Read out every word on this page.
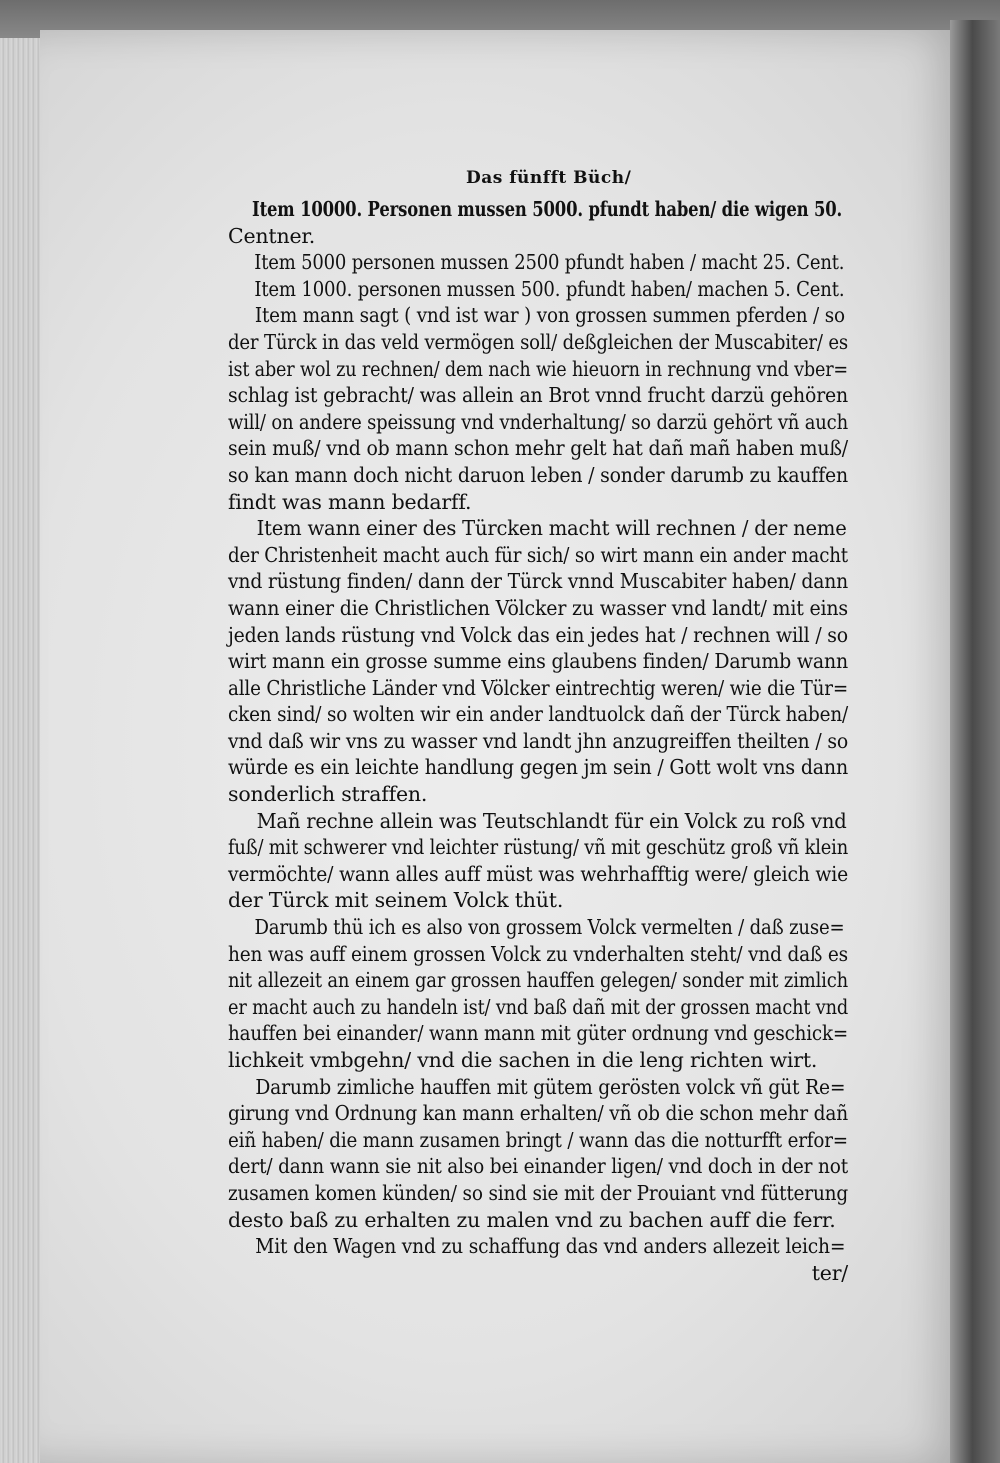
Das fünfft Büch/
Item 10000. Personen mussen 5000. pfundt haben/ die wigen 50.
Centner.
Item 5000 personen mussen 2500 pfundt haben / macht 25. Cent.
Item 1000. personen mussen 500. pfundt haben/ machen 5. Cent.
Item mann sagt ( vnd ist war ) von grossen summen pferden / so
der Türck in das veld vermögen soll/ deßgleichen der Muscabiter/ es
ist aber wol zu rechnen/ dem nach wie hieuorn in rechnung vnd vber=
schlag ist gebracht/ was allein an Brot vnnd frucht darzü gehören
will/ on andere speissung vnd vnderhaltung/ so darzü gehört vñ auch
sein muß/ vnd ob mann schon mehr gelt hat dañ mañ haben muß/
so kan mann doch nicht daruon leben / sonder darumb zu kauffen
findt was mann bedarff.
Item wann einer des Türcken macht will rechnen / der neme
der Christenheit macht auch für sich/ so wirt mann ein ander macht
vnd rüstung finden/ dann der Türck vnnd Muscabiter haben/ dann
wann einer die Christlichen Völcker zu wasser vnd landt/ mit eins
jeden lands rüstung vnd Volck das ein jedes hat / rechnen will / so
wirt mann ein grosse summe eins glaubens finden/ Darumb wann
alle Christliche Länder vnd Völcker eintrechtig weren/ wie die Tür=
cken sind/ so wolten wir ein ander landtuolck dañ der Türck haben/
vnd daß wir vns zu wasser vnd landt jhn anzugreiffen theilten / so
würde es ein leichte handlung gegen jm sein / Gott wolt vns dann
sonderlich straffen.
Mañ rechne allein was Teutschlandt für ein Volck zu roß vnd
fuß/ mit schwerer vnd leichter rüstung/ vñ mit geschütz groß vñ klein
vermöchte/ wann alles auff müst was wehrhafftig were/ gleich wie
der Türck mit seinem Volck thüt.
Darumb thü ich es also von grossem Volck vermelten / daß zuse=
hen was auff einem grossen Volck zu vnderhalten steht/ vnd daß es
nit allezeit an einem gar grossen hauffen gelegen/ sonder mit zimlich
er macht auch zu handeln ist/ vnd baß dañ mit der grossen macht vnd
hauffen bei einander/ wann mann mit güter ordnung vnd geschick=
lichkeit vmbgehn/ vnd die sachen in die leng richten wirt.
Darumb zimliche hauffen mit gütem gerösten volck vñ güt Re=
girung vnd Ordnung kan mann erhalten/ vñ ob die schon mehr dañ
eiñ haben/ die mann zusamen bringt / wann das die notturfft erfor=
dert/ dann wann sie nit also bei einander ligen/ vnd doch in der not
zusamen komen künden/ so sind sie mit der Prouiant vnd fütterung
desto baß zu erhalten zu malen vnd zu bachen auff die ferr.
Mit den Wagen vnd zu schaffung das vnd anders allezeit leich=
ter/
